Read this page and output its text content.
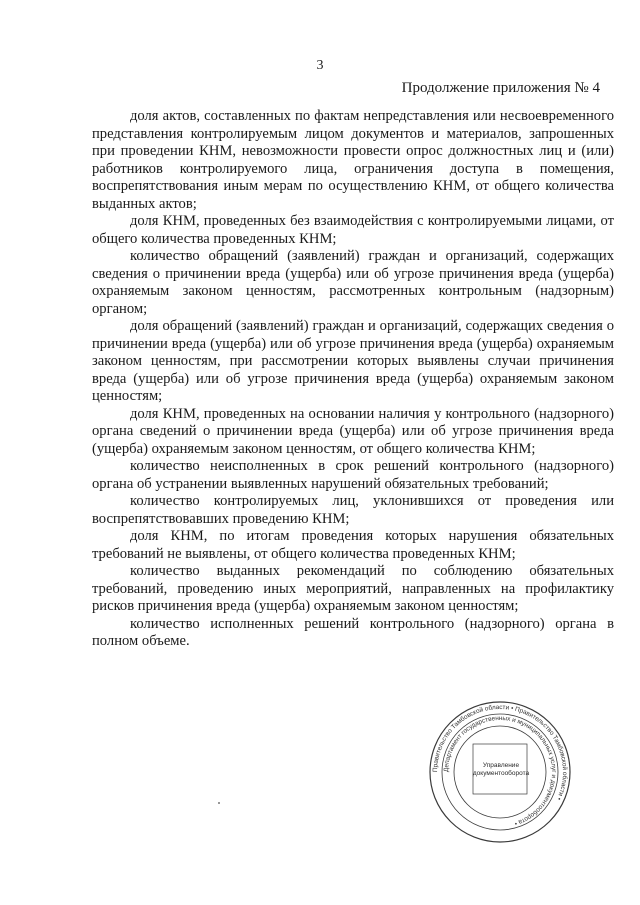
3
Продолжение приложения № 4

доля актов, составленных по фактам непредставления или несвоевременного представления контролируемым лицом документов и материалов, запрошенных при проведении КНМ, невозможности провести опрос должностных лиц и (или) работников контролируемого лица, ограничения доступа в помещения, воспрепятствования иным мерам по осуществлению КНМ, от общего количества выданных актов;

доля КНМ, проведенных без взаимодействия с контролируемыми лицами, от общего количества проведенных КНМ;

количество обращений (заявлений) граждан и организаций, содержащих сведения о причинении вреда (ущерба) или об угрозе причинения вреда (ущерба) охраняемым законом ценностям, рассмотренных контрольным (надзорным) органом;

доля обращений (заявлений) граждан и организаций, содержащих сведения о причинении вреда (ущерба) или об угрозе причинения вреда (ущерба) охраняемым законом ценностям, при рассмотрении которых выявлены случаи причинения вреда (ущерба) или об угрозе причинения вреда (ущерба) охраняемым законом ценностям;

доля КНМ, проведенных на основании наличия у контрольного (надзорного) органа сведений о причинении вреда (ущерба) или об угрозе причинения вреда (ущерба) охраняемым законом ценностям, от общего количества КНМ;

количество неисполненных в срок решений контрольного (надзорного) органа об устранении выявленных нарушений обязательных требований;

количество контролируемых лиц, уклонившихся от проведения или воспрепятствовавших проведению КНМ;

доля КНМ, по итогам проведения которых нарушения обязательных требований не выявлены, от общего количества проведенных КНМ;

количество выданных рекомендаций по соблюдению обязательных требований, проведению иных мероприятий, направленных на профилактику рисков причинения вреда (ущерба) охраняемым законом ценностям;

количество исполненных решений контрольного (надзорного) органа в полном объеме.

Правительство Тамбовской области • Правительство Тамбовской области •
Департамент государственных и муниципальных услуг и документооборота •
Управление
документооборота
